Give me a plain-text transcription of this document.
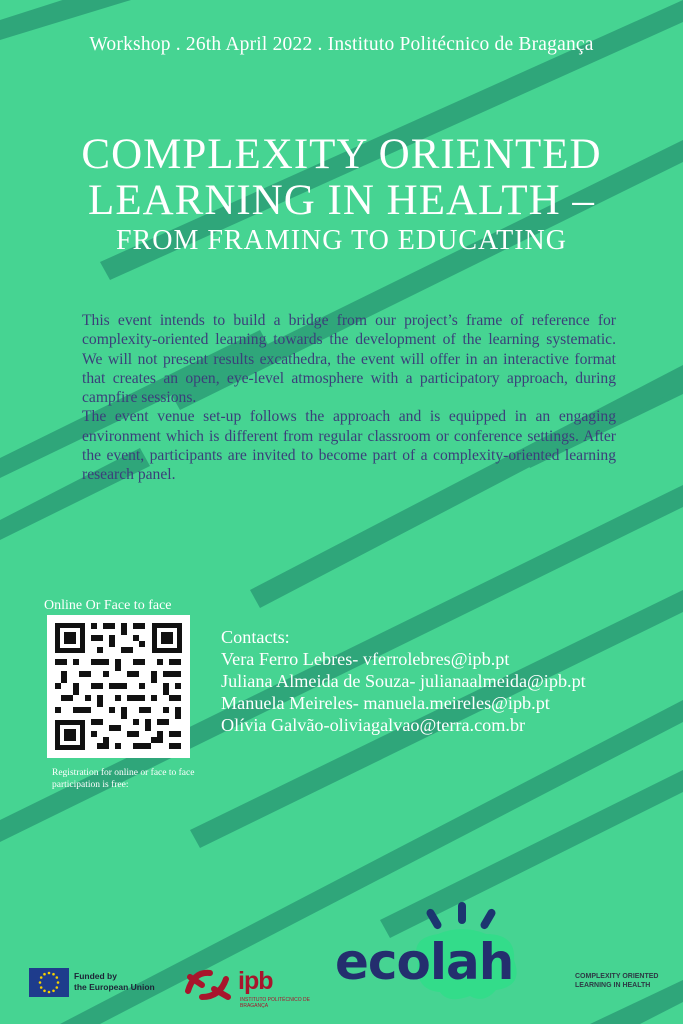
Workshop . 26th April 2022 . Instituto Politécnico de Bragança
COMPLEXITY ORIENTED
LEARNING IN HEALTH –
FROM FRAMING TO EDUCATING

This event intends to build a bridge from our project’s frame of reference for complexity-oriented learning towards the development of the learning systematic. We will not present results excathedra, the event will offer in an interactive format that creates an open, eye-level atmosphere with a participatory approach, during campfire sessions.

The event venue set-up follows the approach and is equipped in an engaging environment which is different from regular classroom or conference settings. After the event, participants are invited to become part of a complexity-oriented learning research panel.

Online Or Face to face
Registration for online or face to face participation is free:
Contacts:
Vera Ferro Lebres- vferrolebres@ipb.pt
Juliana Almeida de Souza- julianaalmeida@ipb.pt
Manuela Meireles- manuela.meireles@ipb.pt
Olívia Galvão-oliviagalvao@terra.com.br
Funded by
the European Union	ipb
INSTITUTO POLITÉCNICO DE BRAGANÇA
ecolah	COMPLEXITY ORIENTED
LEARNING IN HEALTH
